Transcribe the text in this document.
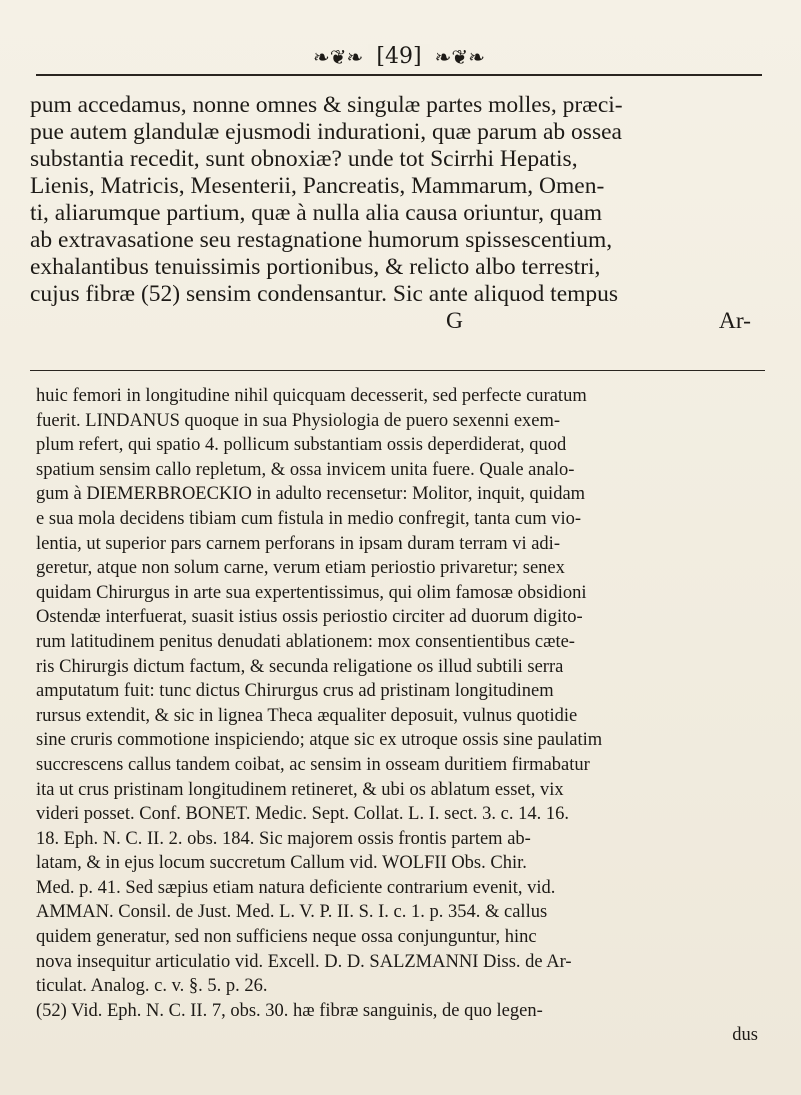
❧❦❧ [49] ❧❦❧
pum accedamus, nonne omnes & singulæ partes molles, præci-
pue autem glandulæ ejusmodi indurationi, quæ parum ab ossea
substantia recedit, sunt obnoxiæ? unde tot Scirrhi Hepatis,
Lienis, Matricis, Mesenterii, Pancreatis, Mammarum, Omen-
ti, aliarumque partium, quæ à nulla alia causa oriuntur, quam
ab extravasatione seu restagnatione humorum spissescentium,
exhalantibus tenuissimis portionibus, & relicto albo terrestri,
cujus fibræ (52) sensim condensantur. Sic ante aliquod tempus
G	Ar-
huic femori in longitudine nihil quicquam decesserit, sed perfecte curatum
fuerit. LINDANUS quoque in sua Physiologia de puero sexenni exem-
plum refert, qui spatio 4. pollicum substantiam ossis deperdiderat, quod
spatium sensim callo repletum, & ossa invicem unita fuere. Quale analo-
gum à DIEMERBROECKIO in adulto recensetur: Molitor, inquit, quidam
e sua mola decidens tibiam cum fistula in medio confregit, tanta cum vio-
lentia, ut superior pars carnem perforans in ipsam duram terram vi adi-
geretur, atque non solum carne, verum etiam periostio privaretur; senex
quidam Chirurgus in arte sua expertentissimus, qui olim famosæ obsidioni
Ostendæ interfuerat, suasit istius ossis periostio circiter ad duorum digito-
rum latitudinem penitus denudati ablationem: mox consentientibus cæte-
ris Chirurgis dictum factum, & secunda religatione os illud subtili serra
amputatum fuit: tunc dictus Chirurgus crus ad pristinam longitudinem
rursus extendit, & sic in lignea Theca æqualiter deposuit, vulnus quotidie
sine cruris commotione inspiciendo; atque sic ex utroque ossis sine paulatim
succrescens callus tandem coibat, ac sensim in osseam duritiem firmabatur
ita ut crus pristinam longitudinem retineret, & ubi os ablatum esset, vix
videri posset. Conf. BONET. Medic. Sept. Collat. L. I. sect. 3. c. 14. 16.
18. Eph. N. C. II. 2. obs. 184. Sic majorem ossis frontis partem ab-
latam, & in ejus locum succretum Callum vid. WOLFII Obs. Chir.
Med. p. 41. Sed sæpius etiam natura deficiente contrarium evenit, vid.
AMMAN. Consil. de Just. Med. L. V. P. II. S. I. c. 1. p. 354. & callus
quidem generatur, sed non sufficiens neque ossa conjunguntur, hinc
nova insequitur articulatio vid. Excell. D. D. SALZMANNI Diss. de Ar-
ticulat. Analog. c. v. §. 5. p. 26.
(52) Vid. Eph. N. C. II. 7, obs. 30. hæ fibræ sanguinis, de quo legen-
dus
